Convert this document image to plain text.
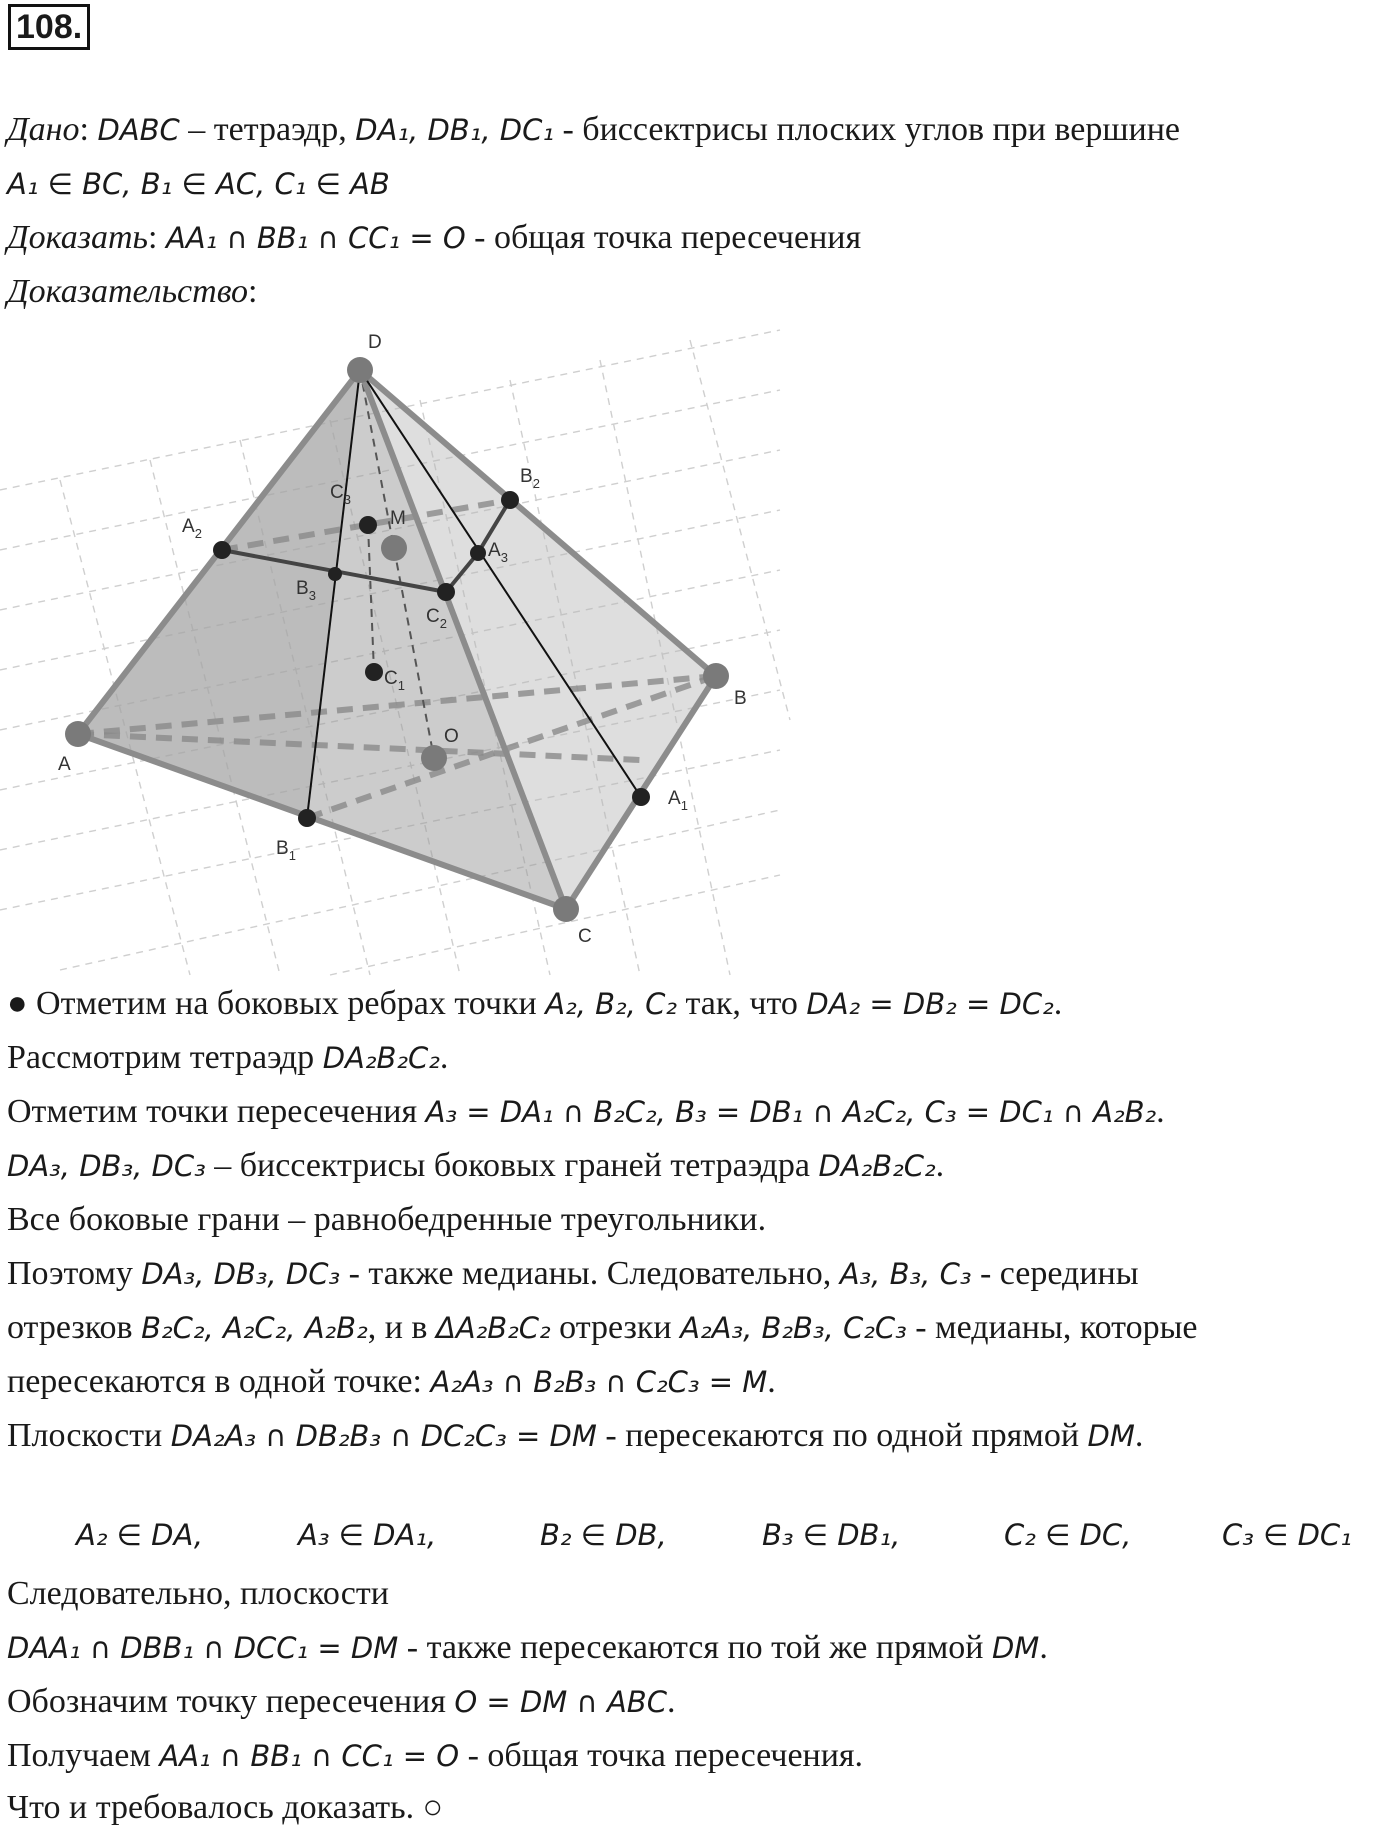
108.
Дано: DABC – тетраэдр, DA₁, DB₁, DC₁ - биссектрисы плоских углов при вершине
A₁ ∈ BC, B₁ ∈ AC, C₁ ∈ AB
Доказать: AA₁ ∩ BB₁ ∩ CC₁ = O - общая точка пересечения
Доказательство:
D
A
B
C
M
O
$A_2$
$B_2$
$C_2$
$A_3$
$B_3$
$C_3$
$C_1$
$A_1$
$B_1$
● Отметим на боковых ребрах точки A₂, B₂, C₂ так, что DA₂ = DB₂ = DC₂.
Рассмотрим тетраэдр DA₂B₂C₂.
Отметим точки пересечения A₃ = DA₁ ∩ B₂C₂, B₃ = DB₁ ∩ A₂C₂, C₃ = DC₁ ∩ A₂B₂.
DA₃, DB₃, DC₃ – биссектрисы боковых граней тетраэдра DA₂B₂C₂.
Все боковые грани – равнобедренные треугольники.
Поэтому DA₃, DB₃, DC₃ - также медианы. Следовательно, A₃, B₃, C₃ - середины
отрезков B₂C₂, A₂C₂, A₂B₂, и в ΔA₂B₂C₂ отрезки A₂A₃, B₂B₃, C₂C₃ - медианы, которые
пересекаются в одной точке: A₂A₃ ∩ B₂B₃ ∩ C₂C₃ = M.
Плоскости DA₂A₃ ∩ DB₂B₃ ∩ DC₂C₃ = DM - пересекаются по одной прямой DM.
A₂ ∈ DA,	A₃ ∈ DA₁,	B₂ ∈ DB,	B₃ ∈ DB₁,	C₂ ∈ DC,	C₃ ∈ DC₁
Следовательно, плоскости
DAA₁ ∩ DBB₁ ∩ DCC₁ = DM - также пересекаются по той же прямой DM.
Обозначим точку пересечения O = DM ∩ ABC.
Получаем AA₁ ∩ BB₁ ∩ CC₁ = O - общая точка пересечения.
Что и требовалось доказать. ○
